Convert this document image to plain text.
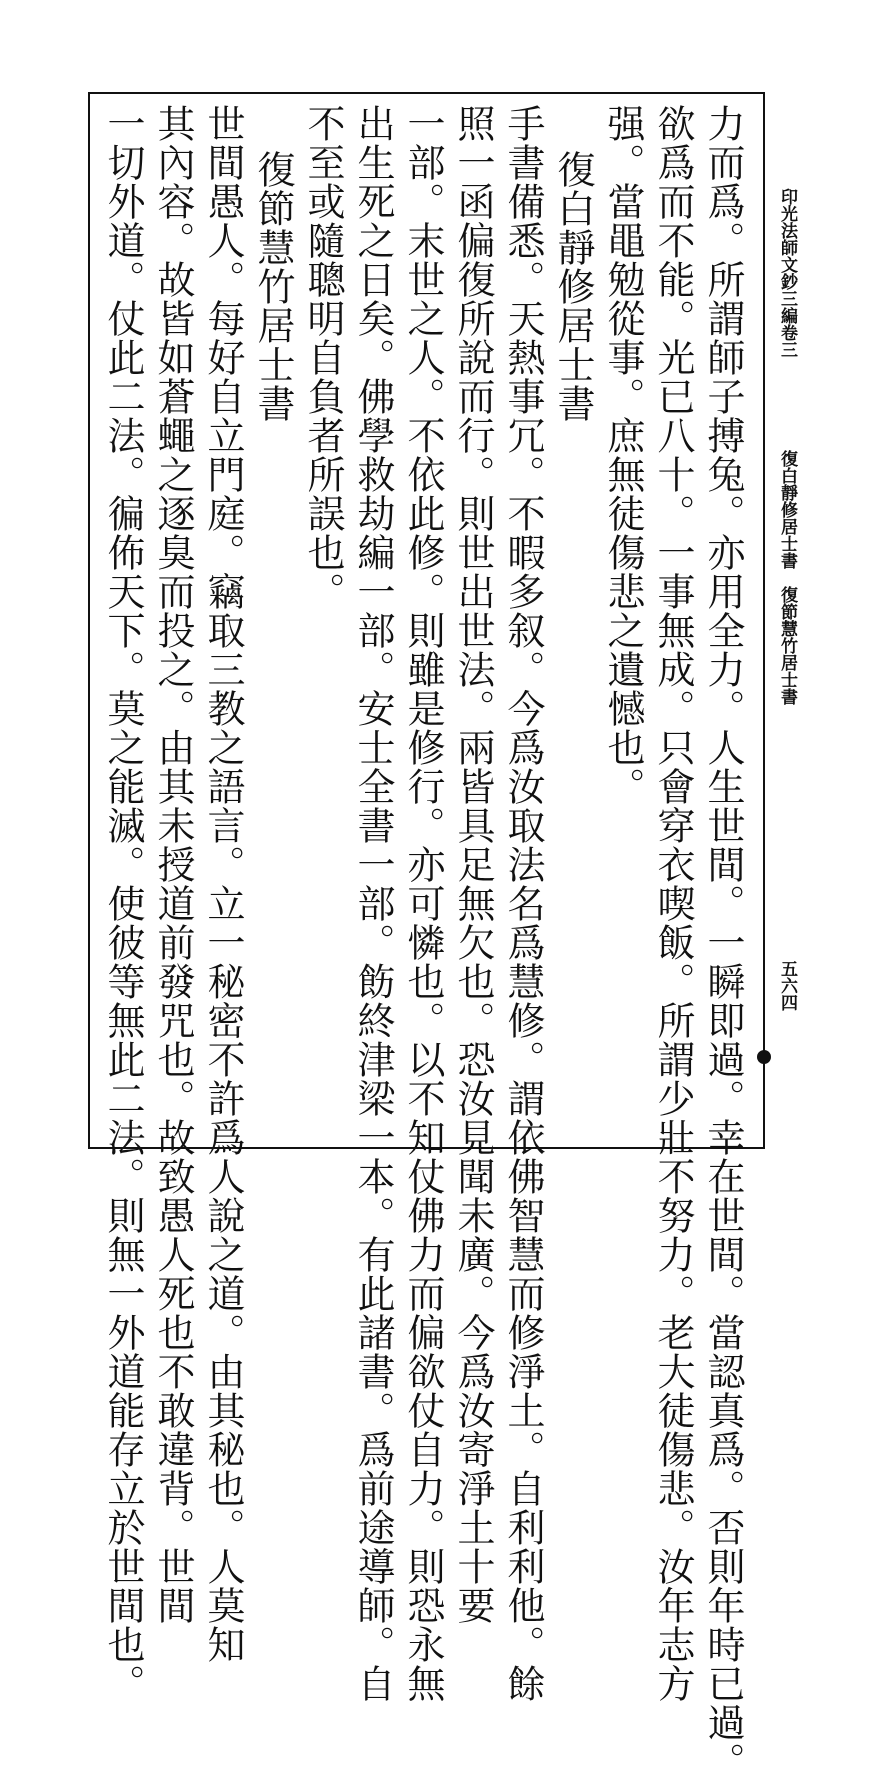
印光法師文鈔三編卷三
復白靜修居士書　復節慧竹居士書
五六四
力而爲。所謂師子搏兔。亦用全力。人生世間。一瞬即過。幸在世間。當認真爲。否則年時已過。
欲爲而不能。光已八十。一事無成。只會穿衣喫飯。所謂少壯不努力。老大徒傷悲。汝年志方
强。當黽勉從事。庶無徒傷悲之遺憾也。
復白靜修居士書
手書備悉。天熱事冗。不暇多叙。今爲汝取法名爲慧修。謂依佛智慧而修淨土。自利利他。餘
照一函偏復所說而行。則世出世法。兩皆具足無欠也。恐汝見聞未廣。今爲汝寄淨土十要
一部。末世之人。不依此修。則雖是修行。亦可憐也。以不知仗佛力而偏欲仗自力。則恐永無
出生死之日矣。佛學救劫編一部。安士全書一部。飭終津梁一本。有此諸書。爲前途導師。自
不至或隨聰明自負者所誤也。
復節慧竹居士書
世間愚人。每好自立門庭。竊取三教之語言。立一秘密不許爲人說之道。由其秘也。人莫知
其內容。故皆如蒼蠅之逐臭而投之。由其未授道前發咒也。故致愚人死也不敢違背。世間
一切外道。仗此二法。徧佈天下。莫之能滅。使彼等無此二法。則無一外道能存立於世間也。
